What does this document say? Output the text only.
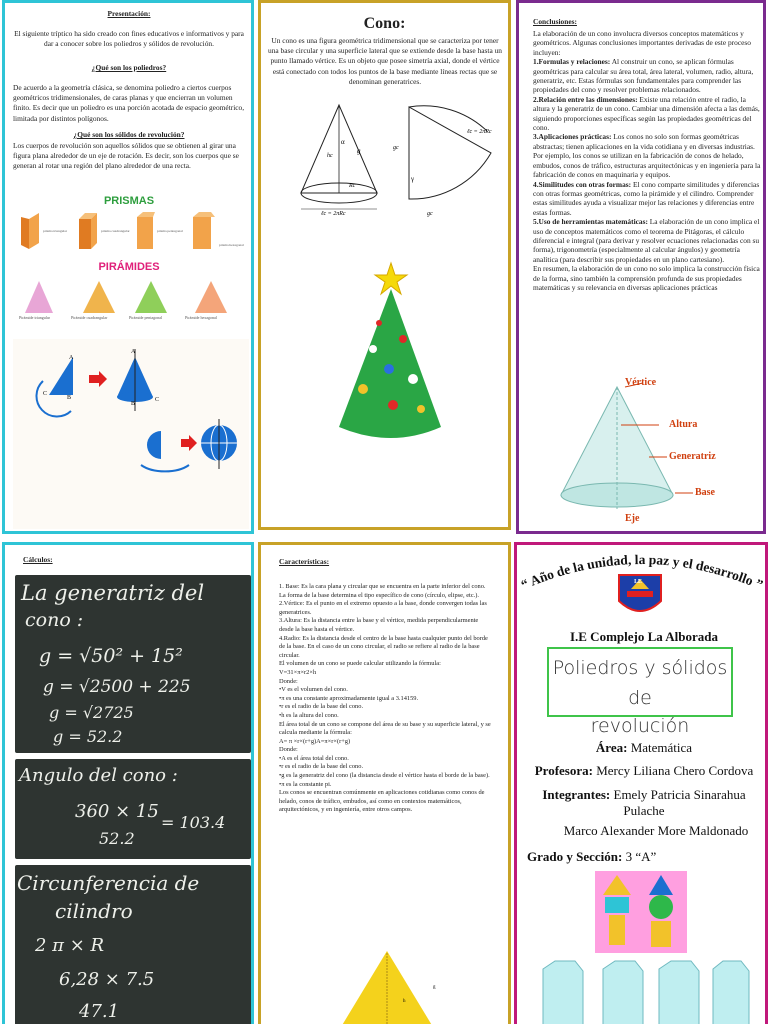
Presentación:
El siguiente tríptico ha sido creado con fines educativos e informativos y para dar a conocer sobre los poliedros y sólidos de revolución.
¿Qué son los poliedros?
De acuerdo a la geometría clásica, se denomina poliedro a ciertos cuerpos geométricos tridimensionales, de caras planas y que encierran un volumen finito. Es decir que un poliedro es una porción acotada de espacio geométrico, limitada por distintos polígonos.
¿Qué son los sólidos de revolución?
Los cuerpos de revolución son aquellos sólidos que se obtienen al girar una figura plana alrededor de un eje de rotación. Es decir, son los cuerpos que se generan al rotar una región del plano alrededor de una recta.
PRISMAS
prisma triangular	prisma cuadrangular	prisma pentagonal
prisma hexagonal
PIRÁMIDES
Pirámide triangular	Pirámide cuadrangular	Pirámide pentagonal	Pirámide hexagonal
A
B
C
A
B
C
Cono:
Un cono es una figura geométrica tridimensional que se caracteriza por tener una base circular y una superficie lateral que se extiende desde la base hasta un punto llamado vértice. Es un objeto que posee simetría axial, donde el vértice está conectado con todos los puntos de la base mediante líneas rectas que se denominan generatrices.
α
g
hc
Rc
ℓc = 2πRc
gc
γ
ℓc = 2πRc
gc
Conclusiones:
La elaboración de un cono involucra diversos conceptos matemáticos y geométricos. Algunas conclusiones importantes derivadas de este proceso incluyen:
1.Formulas y relaciones: Al construir un cono, se aplican fórmulas geométricas para calcular su área total, área lateral, volumen, radio, altura, generatriz, etc. Estas fórmulas son fundamentales para comprender las propiedades del cono y resolver problemas relacionados.
2.Relación entre las dimensiones: Existe una relación entre el radio, la altura y la generatriz de un cono. Cambiar una dimensión afecta a las demás, siguiendo proporciones específicas según las propiedades geométricas del cono.
3.Aplicaciones prácticas: Los conos no solo son formas geométricas abstractas; tienen aplicaciones en la vida cotidiana y en diversas industrias. Por ejemplo, los conos se utilizan en la fabricación de conos de helado, embudos, conos de tráfico, estructuras arquitectónicas y en ingeniería para la fabricación de conos en maquinaria y equipos.
4.Similitudes con otras formas: El cono comparte similitudes y diferencias con otras formas geométricas, como la pirámide y el cilindro. Comprender estas similitudes ayuda a visualizar mejor las relaciones y diferencias entre estas formas.
5.Uso de herramientas matemáticas: La elaboración de un cono implica el uso de conceptos matemáticos como el teorema de Pitágoras, el cálculo diferencial e integral (para derivar y resolver ecuaciones relacionadas con su forma), trigonometría (especialmente al calcular ángulos) y geometría analítica (para describir sus propiedades en un plano cartesiano).
En resumen, la elaboración de un cono no solo implica la construcción física de la forma, sino también la comprensión profunda de sus propiedades matemáticas y su relevancia en diversas aplicaciones prácticas
Vértice
Altura
Generatriz
Base
Eje
Cálculos:
La generatriz del
cono :
g = √50² + 15²
g = √2500 + 225
g = √2725
g = 52.2
Angulo del cono :
360 × 15
= 103.4
52.2
Circunferencia de
cilindro
2 π × R
6,28 × 7.5
47.1
Características:
1. Base: Es la cara plana y circular que se encuentra en la parte inferior del cono. La forma de la base determina el tipo específico de cono (círculo, elipse, etc.).
2.Vértice: Es el punto en el extremo opuesto a la base, donde convergen todas las generatrices.
3.Altura: Es la distancia entre la base y el vértice, medida perpendicularmente desde la base hasta el vértice.
4.Radio: Es la distancia desde el centro de la base hasta cualquier punto del borde de la base. En el caso de un cono circular, el radio se refiere al radio de la base circular.
El volumen de un cono se puede calcular utilizando la fórmula:
V=31×π×r2×h
Donde:
•V es el volumen del cono.
•π es una constante aproximadamente igual a 3.14159.
•r es el radio de la base del cono.
•h es la altura del cono.
El área total de un cono se compone del área de su base y su superficie lateral, y se calcula mediante la fórmula:
A= π ×r×(r+g)A=π×r×(r+g)
Donde:
•A es el área total del cono.
•r es el radio de la base del cono.
•g es la generatriz del cono (la distancia desde el vértice hasta el borde de la base).
•π es la constante pi.
Los conos se encuentran comúnmente en aplicaciones cotidianas como conos de helado, conos de tráfico, embudos, así como en contextos matemáticos, arquitectónicos, y en ingeniería, entre otros campos.
h
g
“ Año de la unidad, la paz y el desarrollo ”
I.E
I.E Complejo La Alborada
Poliedros y sólidos de
revolución
Área: Matemática
Profesora: Mercy Liliana Chero Cordova
Integrantes: Emely Patricia Sinarahua Pulache
Marco Alexander More Maldonado
Grado y Sección: 3 “A”
